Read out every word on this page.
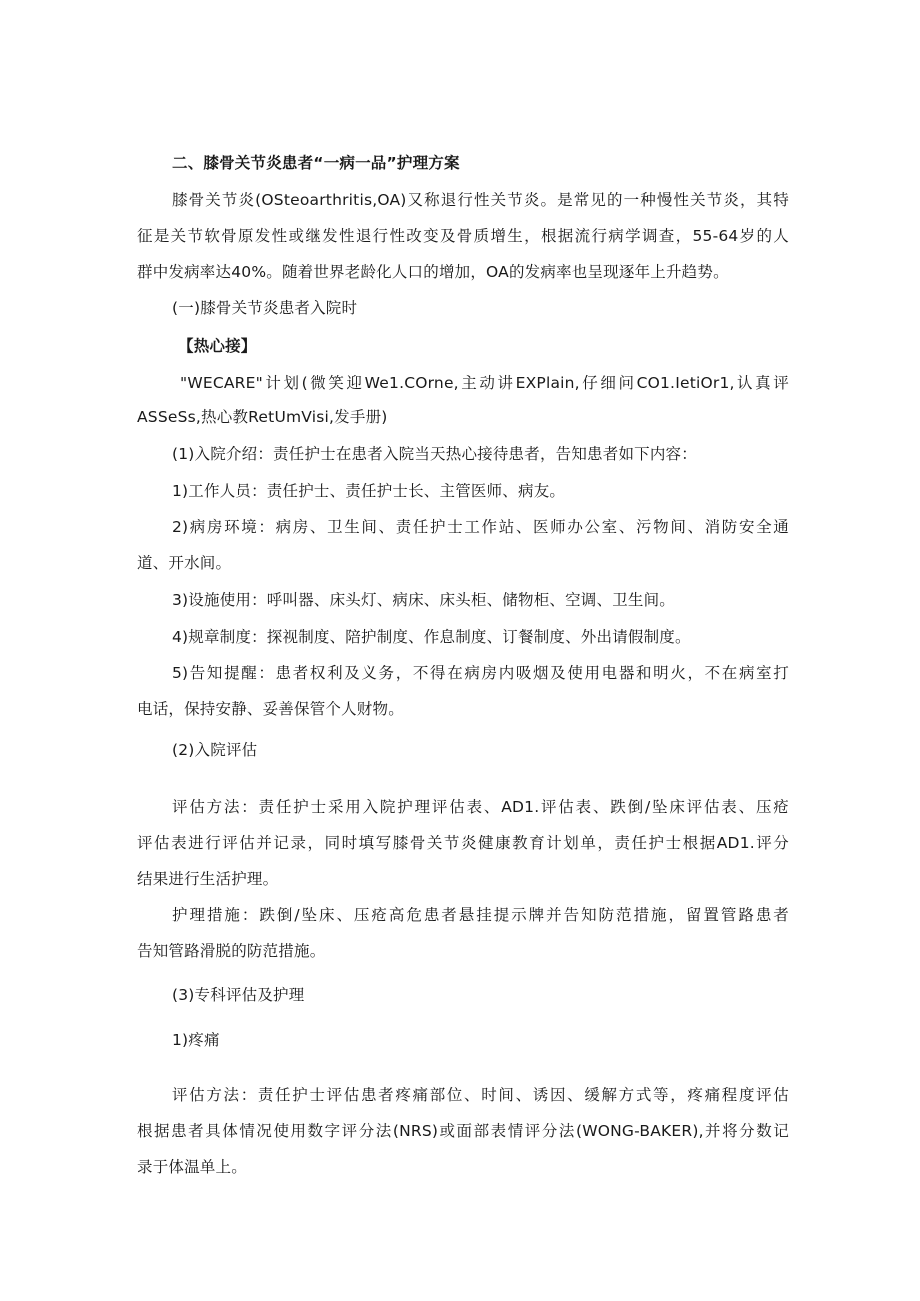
二、膝骨关节炎患者“一病一品”护理方案
膝骨关节炎(OSteoarthritis,OA)又称退行性关节炎。是常见的一种慢性关节炎，其特
征是关节软骨原发性或继发性退行性改变及骨质增生，根据流行病学调查，55-64岁的人
群中发病率达40%。随着世界老龄化人口的增加，OA的发病率也呈现逐年上升趋势。
(一)膝骨关节炎患者入院时
【热心接】
"WECARE"计划(微笑迎We1.COrne,主动讲EXPlain,仔细问CO1.IetiOr1,认真评
ASSeSs,热心教RetUmVisi,发手册)
(1)入院介绍：责任护士在患者入院当天热心接待患者，告知患者如下内容：
1)工作人员：责任护士、责任护士长、主管医师、病友。
2)病房环境：病房、卫生间、责任护士工作站、医师办公室、污物间、消防安全通
道、开水间。
3)设施使用：呼叫器、床头灯、病床、床头柜、储物柜、空调、卫生间。
4)规章制度：探视制度、陪护制度、作息制度、订餐制度、外出请假制度。
5)告知提醒：患者权利及义务，不得在病房内吸烟及使用电器和明火，不在病室打
电话，保持安静、妥善保管个人财物。
(2)入院评估
评估方法：责任护士采用入院护理评估表、AD1.评估表、跌倒/坠床评估表、压疮
评估表进行评估并记录，同时填写膝骨关节炎健康教育计划单，责任护士根据AD1.评分
结果进行生活护理。
护理措施：跌倒/坠床、压疮高危患者悬挂提示牌并告知防范措施，留置管路患者
告知管路滑脱的防范措施。
(3)专科评估及护理
1)疼痛
评估方法：责任护士评估患者疼痛部位、时间、诱因、缓解方式等，疼痛程度评估
根据患者具体情况使用数字评分法(NRS)或面部表情评分法(WONG-BAKER),并将分数记
录于体温单上。
